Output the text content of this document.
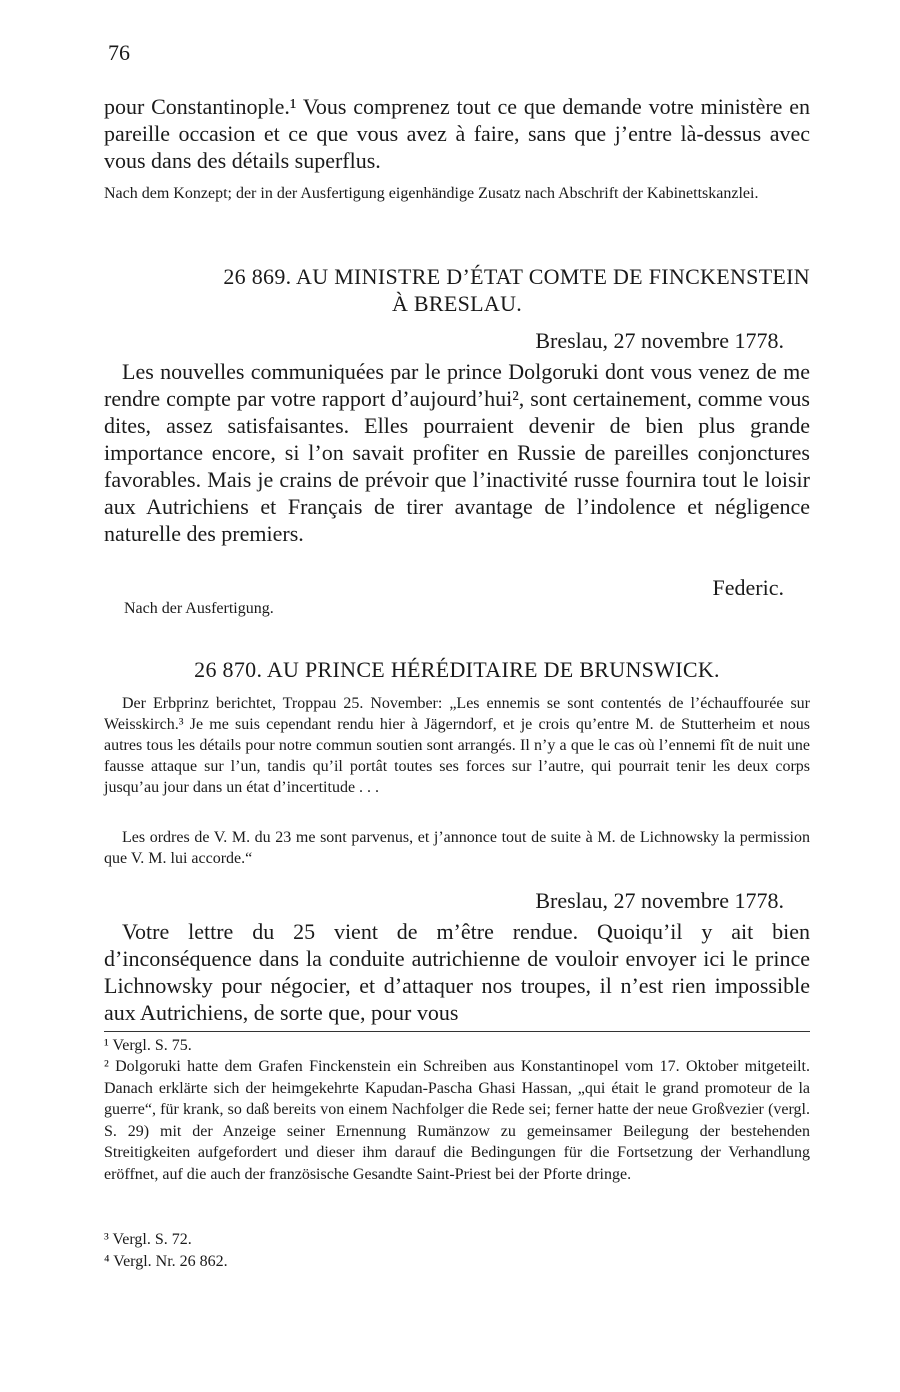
76
pour Constantinople.¹ Vous comprenez tout ce que demande votre ministère en pareille occasion et ce que vous avez à faire, sans que j’entre là-dessus avec vous dans des détails superflus.
Nach dem Konzept; der in der Ausfertigung eigenhändige Zusatz nach Abschrift der Kabinettskanzlei.
26 869. AU MINISTRE D’ÉTAT COMTE DE FINCKENSTEIN
À BRESLAU.
Breslau, 27 novembre 1778.
Les nouvelles communiquées par le prince Dolgoruki dont vous venez de me rendre compte par votre rapport d’aujourd’hui², sont certainement, comme vous dites, assez satisfaisantes. Elles pourraient devenir de bien plus grande importance encore, si l’on savait profiter en Russie de pareilles conjonctures favorables. Mais je crains de prévoir que l’inactivité russe fournira tout le loisir aux Autrichiens et Français de tirer avantage de l’indolence et négligence naturelle des premiers.
Federic.
Nach der Ausfertigung.
26 870. AU PRINCE HÉRÉDITAIRE DE BRUNSWICK.
Der Erbprinz berichtet, Troppau 25. November: „Les ennemis se sont contentés de l’échauffourée sur Weisskirch.³ Je me suis cependant rendu hier à Jägerndorf, et je crois qu’entre M. de Stutterheim et nous autres tous les détails pour notre commun soutien sont arrangés. Il n’y a que le cas où l’ennemi fît de nuit une fausse attaque sur l’un, tandis qu’il portât toutes ses forces sur l’autre, qui pourrait tenir les deux corps jusqu’au jour dans un état d’incertitude . . .
Les ordres de V. M. du 23 me sont parvenus, et j’annonce tout de suite à M. de Lichnowsky la permission que V. M. lui accorde.“
Breslau, 27 novembre 1778.
Votre lettre du 25 vient de m’être rendue. Quoiqu’il y ait bien d’inconséquence dans la conduite autrichienne de vouloir envoyer ici le prince Lichnowsky pour négocier, et d’attaquer nos troupes, il n’est rien impossible aux Autrichiens, de sorte que, pour vous
¹ Vergl. S. 75.
² Dolgoruki hatte dem Grafen Finckenstein ein Schreiben aus Konstantinopel vom 17. Oktober mitgeteilt. Danach erklärte sich der heimgekehrte Kapudan-Pascha Ghasi Hassan, „qui était le grand promoteur de la guerre“, für krank, so daß bereits von einem Nachfolger die Rede sei; ferner hatte der neue Großvezier (vergl. S. 29) mit der Anzeige seiner Ernennung Rumänzow zu gemeinsamer Beilegung der bestehenden Streitigkeiten aufgefordert und dieser ihm darauf die Bedingungen für die Fortsetzung der Verhandlung eröffnet, auf die auch der französische Gesandte Saint-Priest bei der Pforte dringe.
³ Vergl. S. 72.
⁴ Vergl. Nr. 26 862.
